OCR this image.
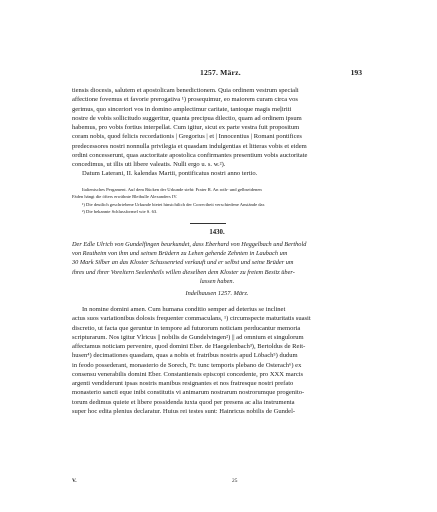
1257. März.	193
tiensis diocesis, salutem et apostolicam benedictionem. Quia ordinem vestrum speciali
affectione fovemus et favorie prerogativa ¹) prosequimur, eo maiorem curam circa vos
gerimus, quo sinceriori vos in domino amplectimur caritate, tantoque magis meļiriti
nostre de vobis sollicitudo suggeritur, quanta precipua dilectio, quam ad ordinem ipsum
habemus, pro vobis fortius interpellat. Cum igitur, sicut ex parte vestra fuit propositum
coram nobis, quod felicis recordationis | Gregorius | et | Innocentius | Romani pontifices
predecessores nostri nonnulla privilegia et quasdam indulgentias et litteras vobis et eidem
ordini concesserunt, quas auctoritate apostolica confirmantes presentium vobis auctoritate
concedimus, ut illis uti libere valeatis. Nulli ergo u. s. w.²).
Datum Laterani, II. kalendas Martii, pontificatus nostri anno tertio.
Italienisches Pergament. Auf dem Rücken der Urkunde steht: Frater R. An roth- und gelbseidenen
Fäden hängt die öfters erwähnte Bleibulle Alexanders IV.
¹) Die deutlich geschriebene Urkunde bietet hinsichtlich der Correctheit verschiedene Anstände dar.
²) Die bekannte Schlussformel wie S. 63.
1430.
Der Edle Ulrich von Gundelfingen beurkundet, dass Eberhard von Heggelbach und Berthold
von Reutheim von ihm und seinen Brüdern zu Lehen gehende Zehnten in Laubach um
30 Mark Silber an das Kloster Schussenried verkauft und er selbst und seine Brüder um
ihres und ihrer Voreltern Seelenheils willen dieselben dem Kloster zu freiem Besitz über-
lassen haben.
Indelhausen 1257. März.
In nomine domini amen. Cum humana conditio semper ad deterius se inclinet
actus suos variationibus dolosis frequenter commaculans, ¹) circumspecte maturitatis suasit
discretio, ut facta que geruntur in tempore ad futurorum noticiam perducantur memoria
scripturarum. Nos igitur Vlricus || nobilis de Gundelvingen²) || ad omnium et singulorum
affectamus noticiam pervenire, quod domini Eber. de Haegelenbach³), Bertoldus de Reit-
husen⁴) decimationes quasdam, quas a nobis et fratribus nostris apud Lōbach⁵) dudum
in feodo possederant, monasterio de Sorech, Fr. tunc temporis plebano de Osterach⁶) ex
consensu venerabilis domini Eber. Constantiensis episcopi concedente, pro XXX marcis
argenti vendiderunt ipsas nostris manibus resignantes et nos fratresque nostri prefato
monasterio sancti eque inibi constitutis vi animarum nostrarum nostrorumque progenito-
torum dedimus quiete et libere possidenda iuxta quod per presens ac alia instrumenta
super hoc edita plenius declaratur. Huius rei testes sunt: Hainricus nobilis de Gundel-
V.	25
